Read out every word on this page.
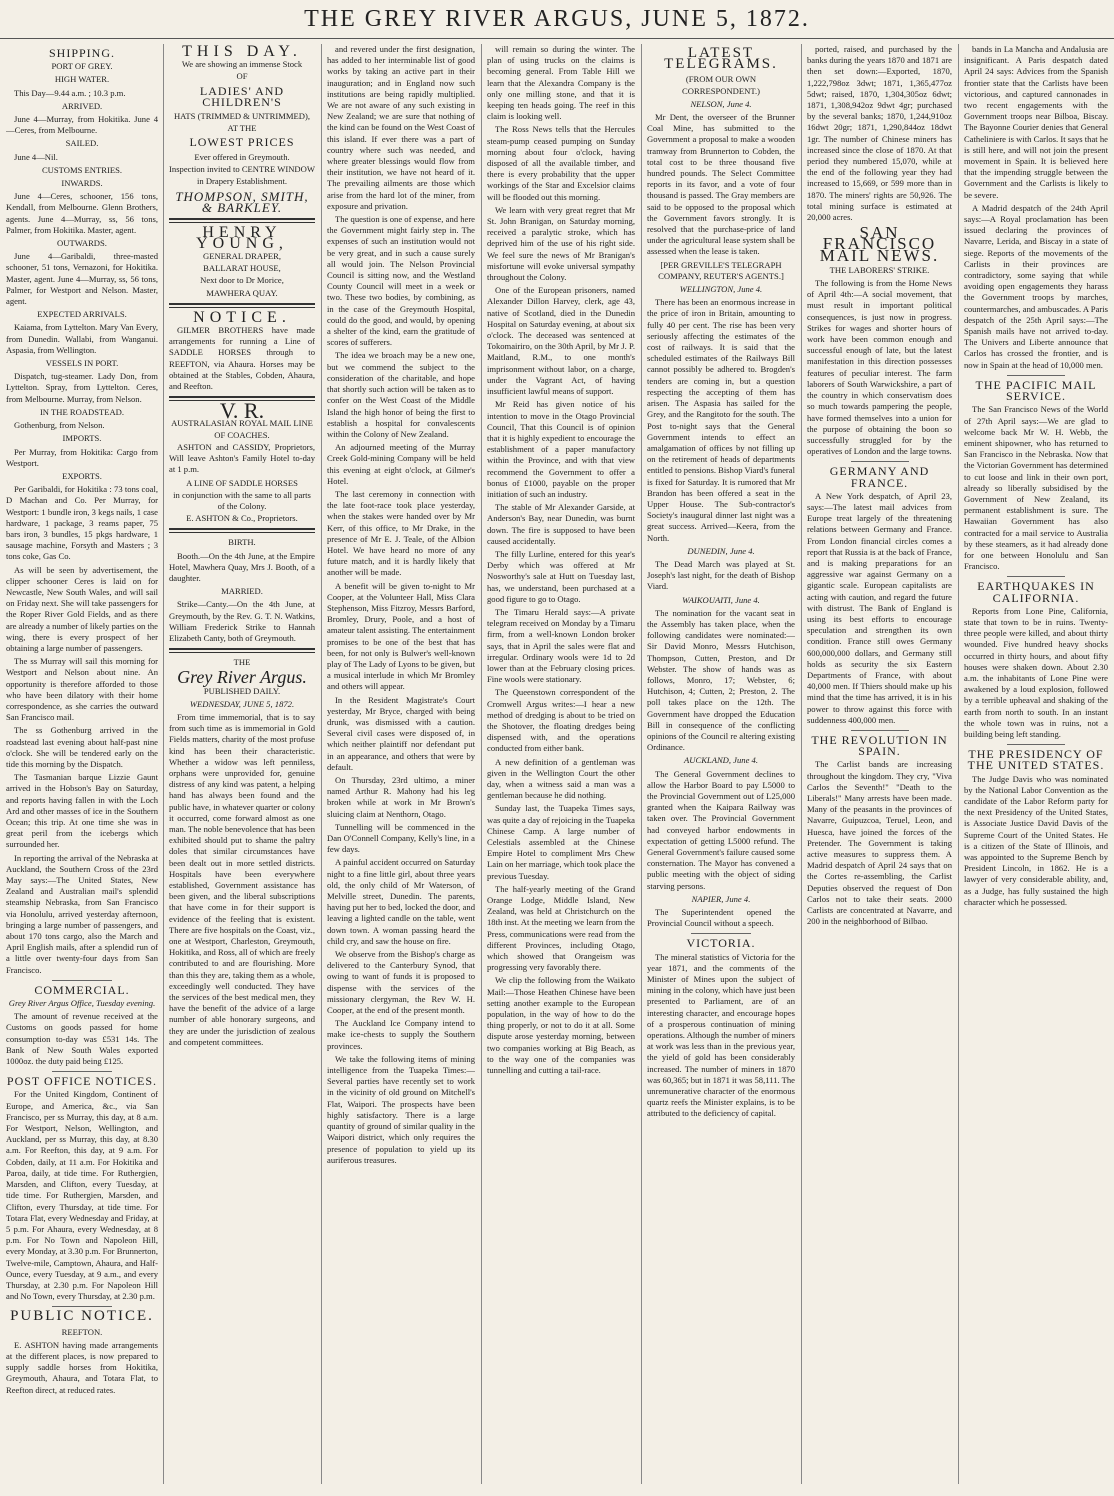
THE GREY RIVER ARGUS, JUNE 5, 1872.
SHIPPING.
PORT OF GREY.
HIGH WATER.

This Day—9.44 a.m. ; 10.3 p.m.

ARRIVED.

June 4—Murray, from Hokitika. June 4—Ceres, from Melbourne.

SAILED.

June 4—Nil.

CUSTOMS ENTRIES.
INWARDS.

June 4—Ceres, schooner, 156 tons, Kendall, from Melbourne. Glenn Brothers, agents. June 4—Murray, ss, 56 tons, Palmer, from Hokitika. Master, agent.

OUTWARDS.

June 4—Garibaldi, three-masted schooner, 51 tons, Vernazoni, for Hokitika. Master, agent. June 4—Murray, ss, 56 tons, Palmer, for Westport and Nelson. Master, agent.

EXPECTED ARRIVALS.

Kaiama, from Lyttelton. Mary Van Every, from Dunedin. Wallabi, from Wanganui. Aspasia, from Wellington.

VESSELS IN PORT.

Dispatch, tug-steamer. Lady Don, from Lyttelton. Spray, from Lyttelton. Ceres, from Melbourne. Murray, from Nelson.

IN THE ROADSTEAD.

Gothenburg, from Nelson.

IMPORTS.

Per Murray, from Hokitika: Cargo from Westport.

EXPORTS.

Per Garibaldi, for Hokitika : 73 tons coal, D Machan and Co. Per Murray, for Westport: 1 bundle iron, 3 kegs nails, 1 case hardware, 1 package, 3 reams paper, 75 bars iron, 3 bundles, 15 pkgs hardware, 1 sausage machine, Forsyth and Masters ; 3 tons coke, Gas Co.

As will be seen by advertisement, the clipper schooner Ceres is laid on for Newcastle, New South Wales, and will sail on Friday next. She will take passengers for the Roper River Gold Fields, and as there are already a number of likely parties on the wing, there is every prospect of her obtaining a large number of passengers.

The ss Murray will sail this morning for Westport and Nelson about nine. An opportunity is therefore afforded to those who have been dilatory with their home correspondence, as she carries the outward San Francisco mail.

The ss Gothenburg arrived in the roadstead last evening about half-past nine o'clock. She will be tendered early on the tide this morning by the Dispatch.

The Tasmanian barque Lizzie Gaunt arrived in the Hobson's Bay on Saturday, and reports having fallen in with the Loch Ard and other masses of ice in the Southern Ocean; this trip. At one time she was in great peril from the icebergs which surrounded her.

In reporting the arrival of the Nebraska at Auckland, the Southern Cross of the 23rd May says:—The United States, New Zealand and Australian mail's splendid steamship Nebraska, from San Francisco via Honolulu, arrived yesterday afternoon, bringing a large number of passengers, and about 170 tons cargo, also the March and April English mails, after a splendid run of a little over twenty-four days from San Francisco.

COMMERCIAL.
Grey River Argus Office, Tuesday evening.

The amount of revenue received at the Customs on goods passed for home consumption to-day was £531 14s. The Bank of New South Wales exported 1000oz. the duty paid being £125.

POST OFFICE NOTICES.

For the United Kingdom, Continent of Europe, and America, &c., via San Francisco, per ss Murray, this day, at 8 a.m. For Westport, Nelson, Wellington, and Auckland, per ss Murray, this day, at 8.30 a.m. For Reefton, this day, at 9 a.m. For Cobden, daily, at 11 a.m. For Hokitika and Paroa, daily, at tide time. For Ruthergien, Marsden, and Clifton, every Tuesday, at tide time. For Ruthergien, Marsden, and Clifton, every Thursday, at tide time. For Totara Flat, every Wednesday and Friday, at 5 p.m. For Ahaura, every Wednesday, at 8 p.m. For No Town and Napoleon Hill, every Monday, at 3.30 p.m. For Brunnerton, Twelve-mile, Camptown, Ahaura, and Half-Ounce, every Tuesday, at 9 a.m., and every Thursday, at 2.30 p.m. For Napoleon Hill and No Town, every Thursday, at 2.30 p.m.

PUBLIC NOTICE.
REEFTON.

E. ASHTON having made arrangements at the different places, is now prepared to supply saddle horses from Hokitika, Greymouth, Ahaura, and Totara Flat, to Reefton direct, at reduced rates.

THIS DAY.
We are showing an immense Stock
OF
LADIES' AND CHILDREN'S
HATS (TRIMMED & UNTRIMMED),
AT THE
LOWEST PRICES
Ever offered in Greymouth.
Inspection invited to CENTRE WINDOW
in Drapery Establishment.
THOMPSON, SMITH, & BARKLEY.
HENRY YOUNG,
GENERAL DRAPER,
BALLARAT HOUSE,
Next door to Dr Morice,
MAWHERA QUAY.
NOTICE.

GILMER BROTHERS have made arrangements for running a Line of SADDLE HORSES through to REEFTON, via Ahaura. Horses may be obtained at the Stables, Cobden, Ahaura, and Reefton.

V. R.
AUSTRALASIAN ROYAL MAIL LINE OF COACHES.

ASHTON and CASSIDY, Proprietors, Will leave Ashton's Family Hotel to-day at 1 p.m.

A LINE OF SADDLE HORSES
in conjunction with the same to all parts of the Colony.
E. ASHTON & Co., Proprietors.
BIRTH.

Booth.—On the 4th June, at the Empire Hotel, Mawhera Quay, Mrs J. Booth, of a daughter.

MARRIED.

Strike—Canty.—On the 4th June, at Greymouth, by the Rev. G. T. N. Watkins, William Frederick Strike to Hannah Elizabeth Canty, both of Greymouth.

THE
Grey River Argus.
PUBLISHED DAILY.
WEDNESDAY, JUNE 5, 1872.

From time immemorial, that is to say from such time as is immemorial in Gold Fields matters, charity of the most profuse kind has been their characteristic. Whether a widow was left penniless, orphans were unprovided for, genuine distress of any kind was patent, a helping hand has always been found and the public have, in whatever quarter or colony it occurred, come forward almost as one man. The noble benevolence that has been exhibited should put to shame the paltry doles that similar circumstances have been dealt out in more settled districts. Hospitals have been everywhere established, Government assistance has been given, and the liberal subscriptions that have come in for their support is evidence of the feeling that is existent. There are five hospitals on the Coast, viz., one at Westport, Charleston, Greymouth, Hokitika, and Ross, all of which are freely contributed to and are flourishing. More than this they are, taking them as a whole, exceedingly well conducted. They have the services of the best medical men, they have the benefit of the advice of a large number of able honorary surgeons, and they are under the jurisdiction of zealous and competent committees.

and revered under the first designation, has added to her interminable list of good works by taking an active part in their inauguration; and in England now such institutions are being rapidly multiplied. We are not aware of any such existing in New Zealand; we are sure that nothing of the kind can be found on the West Coast of this island. If ever there was a part of country where such was needed, and where greater blessings would flow from their institution, we have not heard of it. The prevailing ailments are those which arise from the hard lot of the miner, from exposure and privation.

The question is one of expense, and here the Government might fairly step in. The expenses of such an institution would not be very great, and in such a cause surely all would join. The Nelson Provincial Council is sitting now, and the Westland County Council will meet in a week or two. These two bodies, by combining, as in the case of the Greymouth Hospital, could do the good, and would, by opening a shelter of the kind, earn the gratitude of scores of sufferers.

The idea we broach may be a new one, but we commend the subject to the consideration of the charitable, and hope that shortly such action will be taken as to confer on the West Coast of the Middle Island the high honor of being the first to establish a hospital for convalescents within the Colony of New Zealand.

An adjourned meeting of the Murray Creek Gold-mining Company will be held this evening at eight o'clock, at Gilmer's Hotel.

The last ceremony in connection with the late foot-race took place yesterday, when the stakes were handed over by Mr Kerr, of this office, to Mr Drake, in the presence of Mr E. J. Teale, of the Albion Hotel. We have heard no more of any future match, and it is hardly likely that another will be made.

A benefit will be given to-night to Mr Cooper, at the Volunteer Hall, Miss Clara Stephenson, Miss Fitzroy, Messrs Barford, Bromley, Drury, Poole, and a host of amateur talent assisting. The entertainment promises to be one of the best that has been, for not only is Bulwer's well-known play of The Lady of Lyons to be given, but a musical interlude in which Mr Bromley and others will appear.

In the Resident Magistrate's Court yesterday, Mr Bryce, charged with being drunk, was dismissed with a caution. Several civil cases were disposed of, in which neither plaintiff nor defendant put in an appearance, and others that were by default.

On Thursday, 23rd ultimo, a miner named Arthur R. Mahony had his leg broken while at work in Mr Brown's sluicing claim at Nenthorn, Otago.

Tunnelling will be commenced in the Dan O'Connell Company, Kelly's line, in a few days.

A painful accident occurred on Saturday night to a fine little girl, about three years old, the only child of Mr Waterson, of Melville street, Dunedin. The parents, having put her to bed, locked the door, and leaving a lighted candle on the table, went down town. A woman passing heard the child cry, and saw the house on fire.

We observe from the Bishop's charge as delivered to the Canterbury Synod, that owing to want of funds it is proposed to dispense with the services of the missionary clergyman, the Rev W. H. Cooper, at the end of the present month.

The Auckland Ice Company intend to make ice-chests to supply the Southern provinces.

We take the following items of mining intelligence from the Tuapeka Times:—Several parties have recently set to work in the vicinity of old ground on Mitchell's Flat, Waipori. The prospects have been highly satisfactory. There is a large quantity of ground of similar quality in the Waipori district, which only requires the presence of population to yield up its auriferous treasures.

will remain so during the winter. The plan of using trucks on the claims is becoming general. From Table Hill we learn that the Alexandra Company is the only one milling stone, and that it is keeping ten heads going. The reef in this claim is looking well.

The Ross News tells that the Hercules steam-pump ceased pumping on Sunday morning about four o'clock, having disposed of all the available timber, and there is every probability that the upper workings of the Star and Excelsior claims will be flooded out this morning.

We learn with very great regret that Mr St. John Branigan, on Saturday morning, received a paralytic stroke, which has deprived him of the use of his right side. We feel sure the news of Mr Branigan's misfortune will evoke universal sympathy throughout the Colony.

One of the European prisoners, named Alexander Dillon Harvey, clerk, age 43, native of Scotland, died in the Dunedin Hospital on Saturday evening, at about six o'clock. The deceased was sentenced at Tokomairiro, on the 30th April, by Mr J. P. Maitland, R.M., to one month's imprisonment without labor, on a charge, under the Vagrant Act, of having insufficient lawful means of support.

Mr Reid has given notice of his intention to move in the Otago Provincial Council, That this Council is of opinion that it is highly expedient to encourage the establishment of a paper manufactory within the Province, and with that view recommend the Government to offer a bonus of £1000, payable on the proper initiation of such an industry.

The stable of Mr Alexander Garside, at Anderson's Bay, near Dunedin, was burnt down. The fire is supposed to have been caused accidentally.

The filly Lurline, entered for this year's Derby which was offered at Mr Nosworthy's sale at Hutt on Tuesday last, has, we understand, been purchased at a good figure to go to Otago.

The Timaru Herald says:—A private telegram received on Monday by a Timaru firm, from a well-known London broker says, that in April the sales were flat and irregular. Ordinary wools were 1d to 2d lower than at the February closing prices. Fine wools were stationary.

The Queenstown correspondent of the Cromwell Argus writes:—I hear a new method of dredging is about to be tried on the Shotover, the floating dredges being dispensed with, and the operations conducted from either bank.

A new definition of a gentleman was given in the Wellington Court the other day, when a witness said a man was a gentleman because he did nothing.

Sunday last, the Tuapeka Times says, was quite a day of rejoicing in the Tuapeka Chinese Camp. A large number of Celestials assembled at the Chinese Empire Hotel to compliment Mrs Chew Lain on her marriage, which took place the previous Tuesday.

The half-yearly meeting of the Grand Orange Lodge, Middle Island, New Zealand, was held at Christchurch on the 18th inst. At the meeting we learn from the Press, communications were read from the different Provinces, including Otago, which showed that Orangeism was progressing very favorably there.

We clip the following from the Waikato Mail:—Those Heathen Chinese have been setting another example to the European population, in the way of how to do the thing properly, or not to do it at all. Some dispute arose yesterday morning, between two companies working at Big Beach, as to the way one of the companies was tunnelling and cutting a tail-race.

LATEST TELEGRAMS.
(FROM OUR OWN CORRESPONDENT.)
NELSON, June 4.

Mr Dent, the overseer of the Brunner Coal Mine, has submitted to the Government a proposal to make a wooden tramway from Brunnerton to Cobden, the total cost to be three thousand five hundred pounds. The Select Committee reports in its favor, and a vote of four thousand is passed. The Gray members are said to be opposed to the proposal which the Government favors strongly. It is resolved that the purchase-price of land under the agricultural lease system shall be assessed when the lease is taken.

[PER GREVILLE'S TELEGRAPH COMPANY, REUTER'S AGENTS.]
WELLINGTON, June 4.

There has been an enormous increase in the price of iron in Britain, amounting to fully 40 per cent. The rise has been very seriously affecting the estimates of the cost of railways. It is said that the scheduled estimates of the Railways Bill cannot possibly be adhered to. Brogden's tenders are coming in, but a question respecting the accepting of them has arisen. The Aspasia has sailed for the Grey, and the Rangitoto for the south. The Post to-night says that the General Government intends to effect an amalgamation of offices by not filling up on the retirement of heads of departments entitled to pensions. Bishop Viard's funeral is fixed for Saturday. It is rumored that Mr Brandon has been offered a seat in the Upper House. The Sub-contractor's Society's inaugural dinner last night was a great success. Arrived—Keera, from the North.

DUNEDIN, June 4.

The Dead March was played at St. Joseph's last night, for the death of Bishop Viard.

WAIKOUAITI, June 4.

The nomination for the vacant seat in the Assembly has taken place, when the following candidates were nominated:—Sir David Monro, Messrs Hutchison, Thompson, Cutten, Preston, and Dr Webster. The show of hands was as follows, Monro, 17; Webster, 6; Hutchison, 4; Cutten, 2; Preston, 2. The poll takes place on the 12th. The Government have dropped the Education Bill in consequence of the conflicting opinions of the Council re altering existing Ordinance.

AUCKLAND, June 4.

The General Government declines to allow the Harbor Board to pay L5000 to the Provincial Government out of L25,000 granted when the Kaipara Railway was taken over. The Provincial Government had conveyed harbor endowments in expectation of getting L5000 refund. The General Government's failure caused some consternation. The Mayor has convened a public meeting with the object of siding starving persons.

NAPIER, June 4.

The Superintendent opened the Provincial Council without a speech.

VICTORIA.

The mineral statistics of Victoria for the year 1871, and the comments of the Minister of Mines upon the subject of mining in the colony, which have just been presented to Parliament, are of an interesting character, and encourage hopes of a prosperous continuation of mining operations. Although the number of miners at work was less than in the previous year, the yield of gold has been considerably increased. The number of miners in 1870 was 60,365; but in 1871 it was 58,111. The unremunerative character of the enormous quartz reefs the Minister explains, is to be attributed to the deficiency of capital.

ported, raised, and purchased by the banks during the years 1870 and 1871 are then set down:—Exported, 1870, 1,222,798oz 3dwt; 1871, 1,365,477oz 5dwt; raised, 1870, 1,304,305oz 6dwt; 1871, 1,308,942oz 9dwt 4gr; purchased by the several banks; 1870, 1,244,910oz 16dwt 20gr; 1871, 1,290,844oz 18dwt 1gr. The number of Chinese miners has increased since the close of 1870. At that period they numbered 15,070, while at the end of the following year they had increased to 15,669, or 599 more than in 1870. The miners' rights are 50,926. The total mining surface is estimated at 20,000 acres.

SAN FRANCISCO MAIL NEWS.
THE LABORERS' STRIKE.

The following is from the Home News of April 4th:—A social movement, that must result in important political consequences, is just now in progress. Strikes for wages and shorter hours of work have been common enough and successful enough of late, but the latest manifestation in this direction possesses features of peculiar interest. The farm laborers of South Warwickshire, a part of the country in which conservatism does so much towards pampering the people, have formed themselves into a union for the purpose of obtaining the boon so successfully struggled for by the operatives of London and the large towns.

GERMANY AND FRANCE.

A New York despatch, of April 23, says:—The latest mail advices from Europe treat largely of the threatening relations between Germany and France. From London financial circles comes a report that Russia is at the back of France, and is making preparations for an aggressive war against Germany on a gigantic scale. European capitalists are acting with caution, and regard the future with distrust. The Bank of England is using its best efforts to encourage speculation and strengthen its own condition. France still owes Germany 600,000,000 dollars, and Germany still holds as security the six Eastern Departments of France, with about 40,000 men. If Thiers should make up his mind that the time has arrived, it is in his power to throw against this force with suddenness 400,000 men.

THE REVOLUTION IN SPAIN.

The Carlist bands are increasing throughout the kingdom. They cry, "Viva Carlos the Seventh!" "Death to the Liberals!" Many arrests have been made. Many of the peasants in the provinces of Navarre, Guipuzcoa, Teruel, Leon, and Huesca, have joined the forces of the Pretender. The Government is taking active measures to suppress them. A Madrid despatch of April 24 says that on the Cortes re-assembling, the Carlist Deputies observed the request of Don Carlos not to take their seats. 2000 Carlists are concentrated at Navarre, and 200 in the neighborhood of Bilbao.

bands in La Mancha and Andalusia are insignificant. A Paris despatch dated April 24 says: Advices from the Spanish frontier state that the Carlists have been victorious, and captured cannonades in two recent engagements with the Government troops near Bilboa, Biscay. The Bayonne Courier denies that General Catheliniere is with Carlos. It says that he is still here, and will not join the present movement in Spain. It is believed here that the impending struggle between the Government and the Carlists is likely to be severe.

A Madrid despatch of the 24th April says:—A Royal proclamation has been issued declaring the provinces of Navarre, Lerida, and Biscay in a state of siege. Reports of the movements of the Carlists in their provinces are contradictory, some saying that while avoiding open engagements they harass the Government troops by marches, countermarches, and ambuscades. A Paris despatch of the 25th April says:—The Spanish mails have not arrived to-day. The Univers and Liberte announce that Carlos has crossed the frontier, and is now in Spain at the head of 10,000 men.

THE PACIFIC MAIL SERVICE.

The San Francisco News of the World of 27th April says:—We are glad to welcome back Mr W. H. Webb, the eminent shipowner, who has returned to San Francisco in the Nebraska. Now that the Victorian Government has determined to cut loose and link in their own port, already so liberally subsidised by the Government of New Zealand, its permanent establishment is sure. The Hawaiian Government has also contracted for a mail service to Australia by these steamers, as it had already done for one between Honolulu and San Francisco.

EARTHQUAKES IN CALIFORNIA.

Reports from Lone Pine, California, state that town to be in ruins. Twenty-three people were killed, and about thirty wounded. Five hundred heavy shocks occurred in thirty hours, and about fifty houses were shaken down. About 2.30 a.m. the inhabitants of Lone Pine were awakened by a loud explosion, followed by a terrible upheaval and shaking of the earth from north to south. In an instant the whole town was in ruins, not a building being left standing.

THE PRESIDENCY OF THE UNITED STATES.

The Judge Davis who was nominated by the National Labor Convention as the candidate of the Labor Reform party for the next Presidency of the United States, is Associate Justice David Davis of the Supreme Court of the United States. He is a citizen of the State of Illinois, and was appointed to the Supreme Bench by President Lincoln, in 1862. He is a lawyer of very considerable ability, and, as a Judge, has fully sustained the high character which he possessed.
